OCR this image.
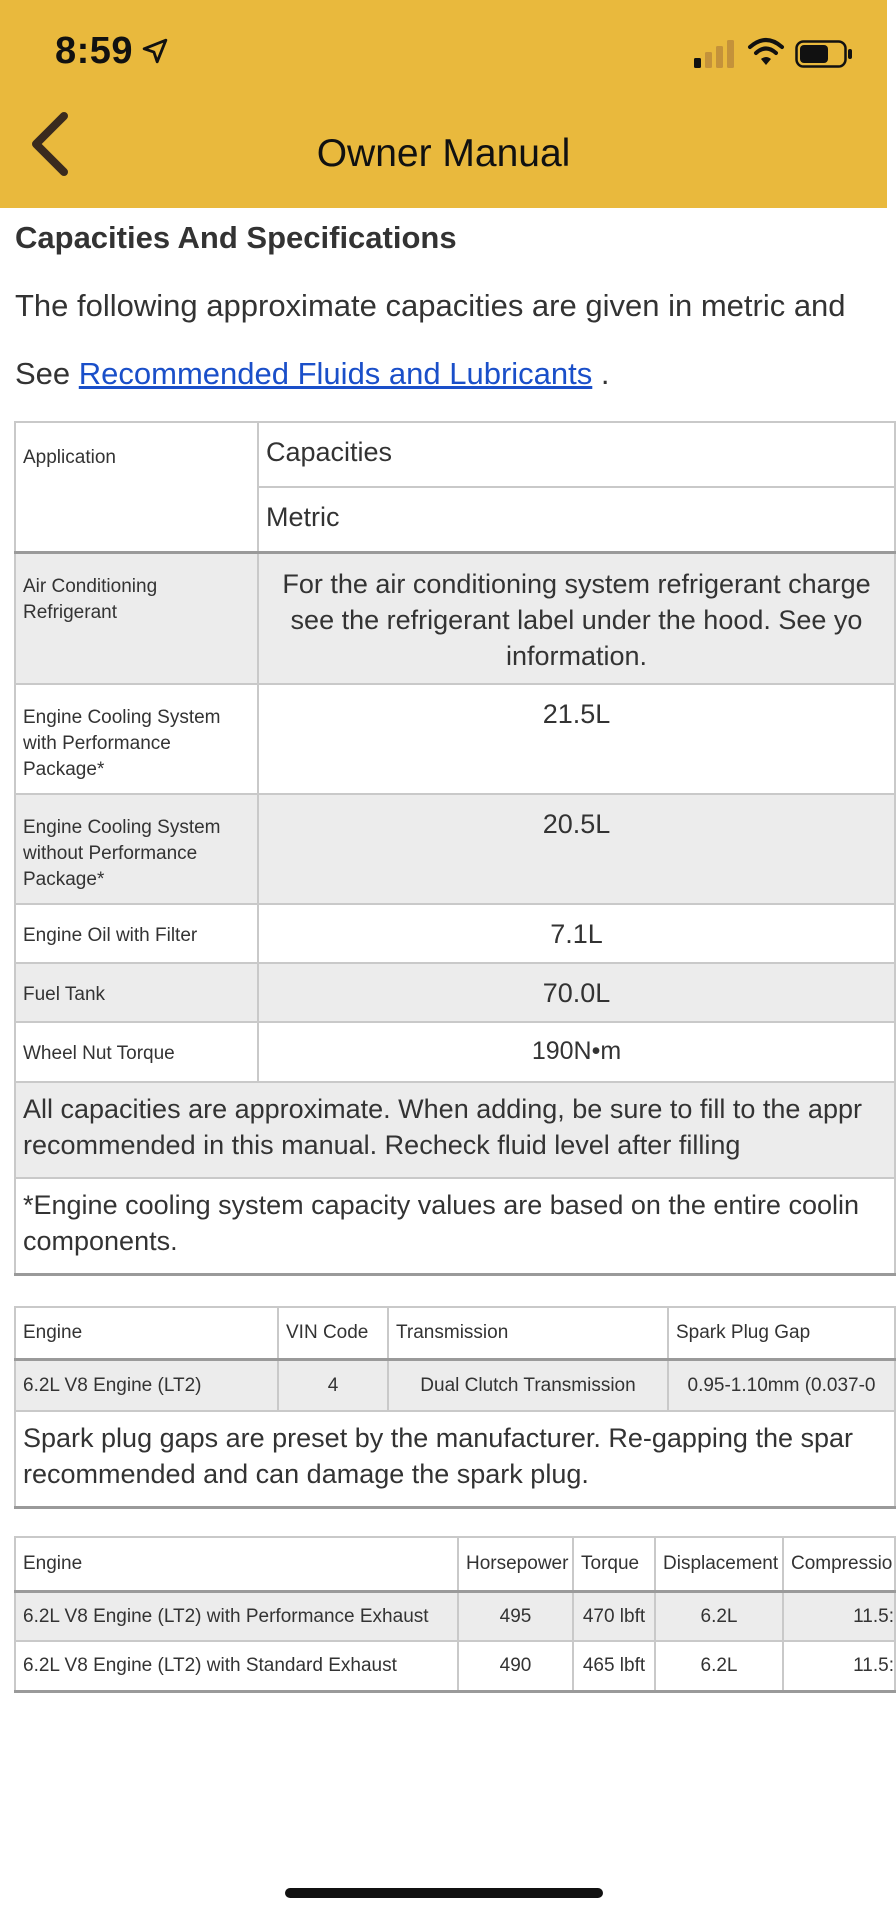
8:59
Owner Manual
Capacities And Specifications
The following approximate capacities are given in metric and
See Recommended Fluids and Lubricants .
Application	Capacities
	Metric
Air Conditioning Refrigerant	For the air conditioning system refrigerant charge
see the refrigerant label under the hood. See yo
information.
Engine Cooling System with Performance Package*	21.5L
Engine Cooling System without Performance Package*	20.5L
Engine Oil with Filter	7.1L
Fuel Tank	70.0L
Wheel Nut Torque	190N•m
All capacities are approximate. When adding, be sure to fill to the appr
recommended in this manual. Recheck fluid level after filling	
*Engine cooling system capacity values are based on the entire coolin
components.	
Engine	VIN Code	Transmission	Spark Plug Gap
6.2L V8 Engine (LT2)	4	Dual Clutch Transmission	0.95-1.10mm (0.037-0
Spark plug gaps are preset by the manufacturer. Re-gapping the spar
recommended and can damage the spark plug.			
Engine	Horsepower	Torque	Displacement	Compressio
6.2L V8 Engine (LT2) with Performance Exhaust	495	470 lbft	6.2L	11.5:
6.2L V8 Engine (LT2) with Standard Exhaust	490	465 lbft	6.2L	11.5:
